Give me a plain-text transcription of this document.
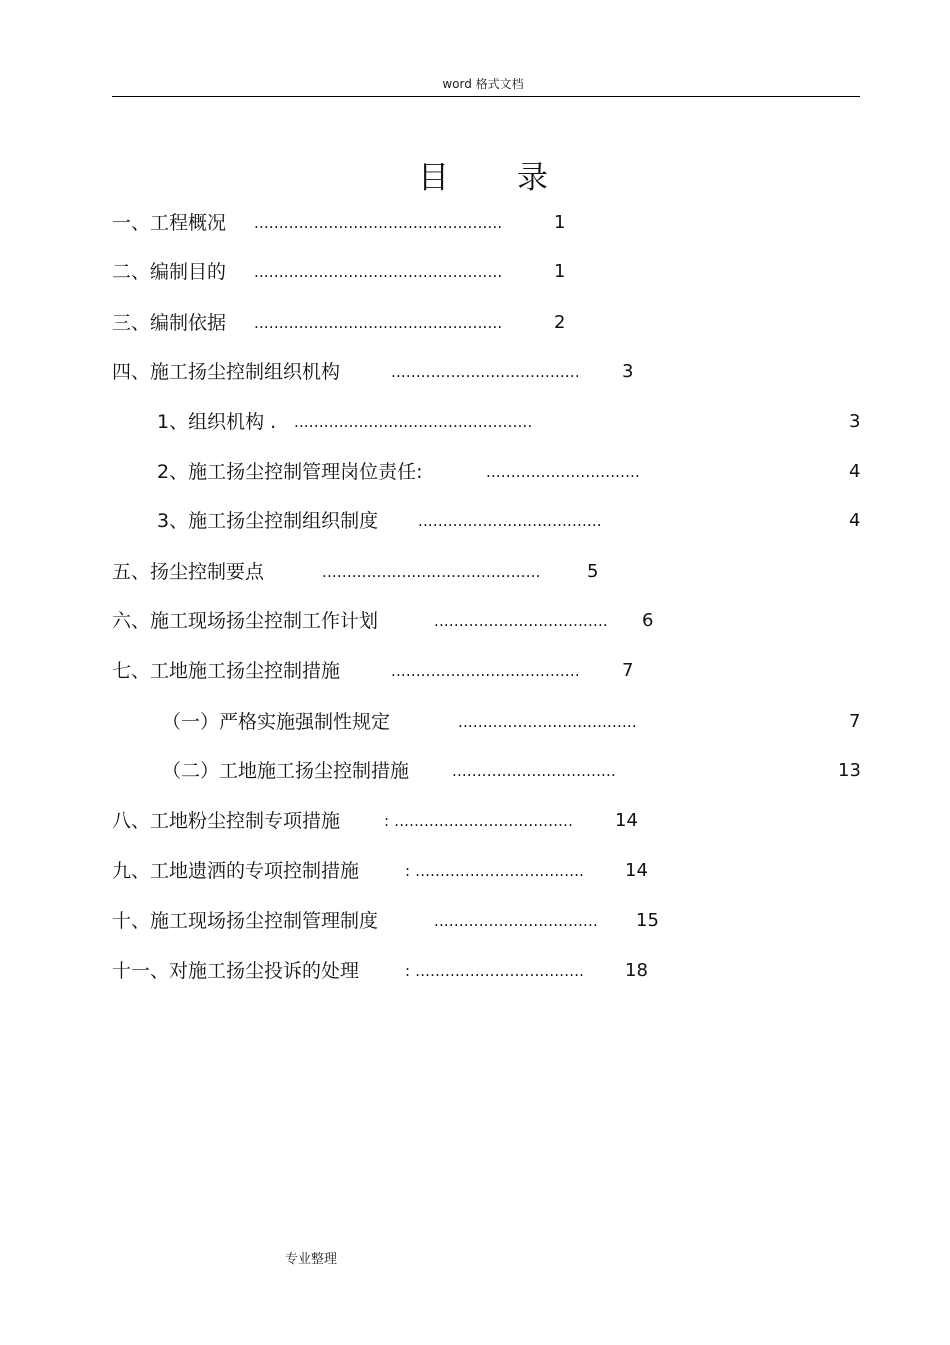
word 格式文档
目录
一、工程概况 ..................................................	1
二、编制目的 ..................................................	1
三、编制依据 ..................................................	2
四、施工扬尘控制组织机构	...................................... 3
1、组织机构 . ................................................	3
2、施工扬尘控制管理岗位责任:	...............................	4
3、施工扬尘控制组织制度	.....................................	4
五、扬尘控制要点	............................................	5
六、施工现场扬尘控制工作计划	................................... 6
七、工地施工扬尘控制措施	...................................... 7
（一）严格实施强制性规定	....................................	7
（二）工地施工扬尘控制措施	.................................	13
八、工地粉尘控制专项措施	: .................................... 14
九、工地遗洒的专项控制措施	: .................................. 14
十、施工现场扬尘控制管理制度	................................. 15
十一、对施工扬尘投诉的处理	: .................................. 18
专业整理
